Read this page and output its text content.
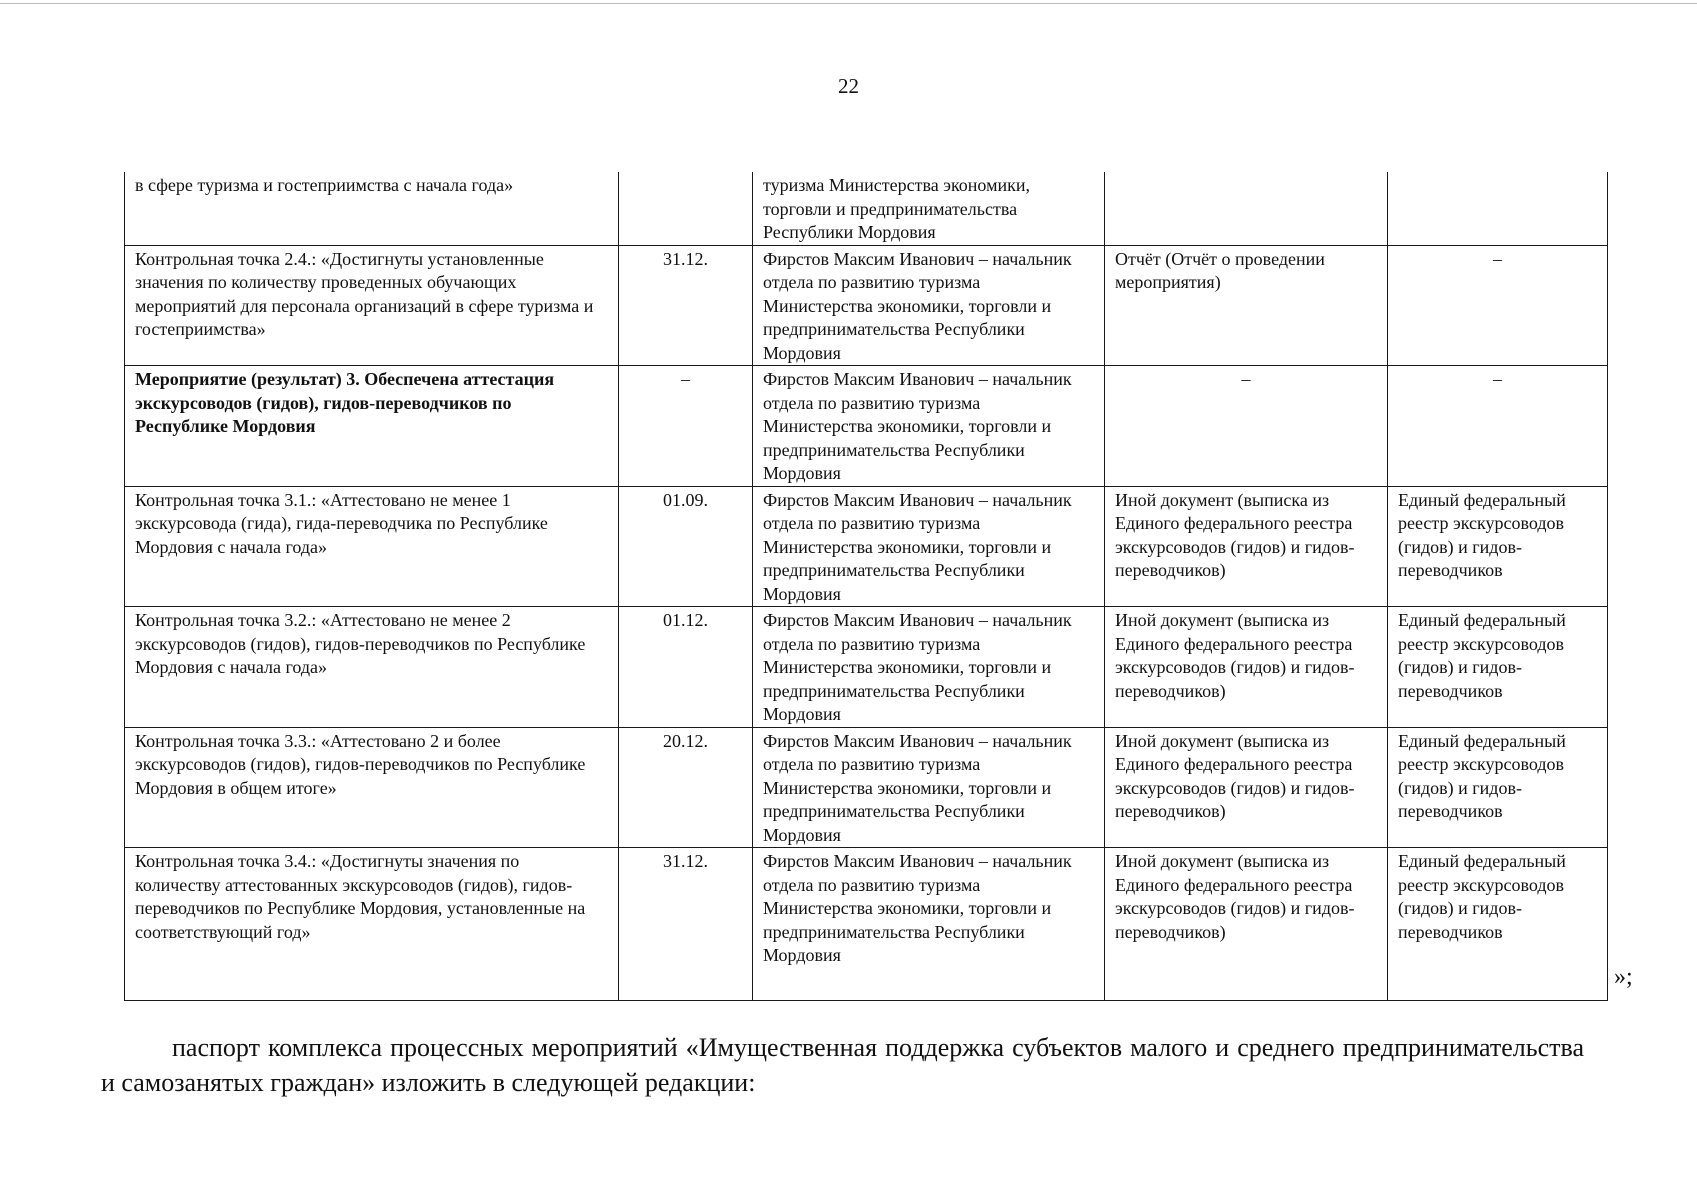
22
в сфере туризма и гостеприимства с начала года»		туризма Министерства экономики, торговли и предпринимательства Республики Мордовия		
Контрольная точка 2.4.: «Достигнуты установленные значения по количеству проведенных обучающих мероприятий для персонала организаций в сфере туризма и гостеприимства»	31.12.	Фирстов Максим Иванович – начальник отдела по развитию туризма Министерства экономики, торговли и предпринимательства Республики Мордовия	Отчёт (Отчёт о проведении мероприятия)	–
Мероприятие (результат) 3. Обеспечена аттестация экскурсоводов (гидов), гидов-переводчиков по Республике Мордовия	–	Фирстов Максим Иванович – начальник отдела по развитию туризма Министерства экономики, торговли и предпринимательства Республики Мордовия	–	–
Контрольная точка 3.1.: «Аттестовано не менее 1 экскурсовода (гида), гида-переводчика по Республике Мордовия с начала года»	01.09.	Фирстов Максим Иванович – начальник отдела по развитию туризма Министерства экономики, торговли и предпринимательства Республики Мордовия	Иной документ (выписка из Единого федерального реестра экскурсоводов (гидов) и гидов-переводчиков)	Единый федеральный реестр экскурсоводов (гидов) и гидов-переводчиков
Контрольная точка 3.2.: «Аттестовано не менее 2 экскурсоводов (гидов), гидов-переводчиков по Республике Мордовия с начала года»	01.12.	Фирстов Максим Иванович – начальник отдела по развитию туризма Министерства экономики, торговли и предпринимательства Республики Мордовия	Иной документ (выписка из Единого федерального реестра экскурсоводов (гидов) и гидов-переводчиков)	Единый федеральный реестр экскурсоводов (гидов) и гидов-переводчиков
Контрольная точка 3.3.: «Аттестовано 2 и более экскурсоводов (гидов), гидов-переводчиков по Республике Мордовия в общем итоге»	20.12.	Фирстов Максим Иванович – начальник отдела по развитию туризма Министерства экономики, торговли и предпринимательства Республики Мордовия	Иной документ (выписка из Единого федерального реестра экскурсоводов (гидов) и гидов-переводчиков)	Единый федеральный реестр экскурсоводов (гидов) и гидов-переводчиков
Контрольная точка 3.4.: «Достигнуты значения по количеству аттестованных экскурсоводов (гидов), гидов-переводчиков по Республике Мордовия, установленные на соответствующий год»	31.12.	Фирстов Максим Иванович – начальник отдела по развитию туризма Министерства экономики, торговли и предпринимательства Республики Мордовия	Иной документ (выписка из Единого федерального реестра экскурсоводов (гидов) и гидов-переводчиков)	Единый федеральный реестр экскурсоводов (гидов) и гидов-переводчиков
»;

паспорт комплекса процессных мероприятий «Имущественная поддержка субъектов малого и среднего предпринимательства и самозанятых граждан» изложить в следующей редакции:
